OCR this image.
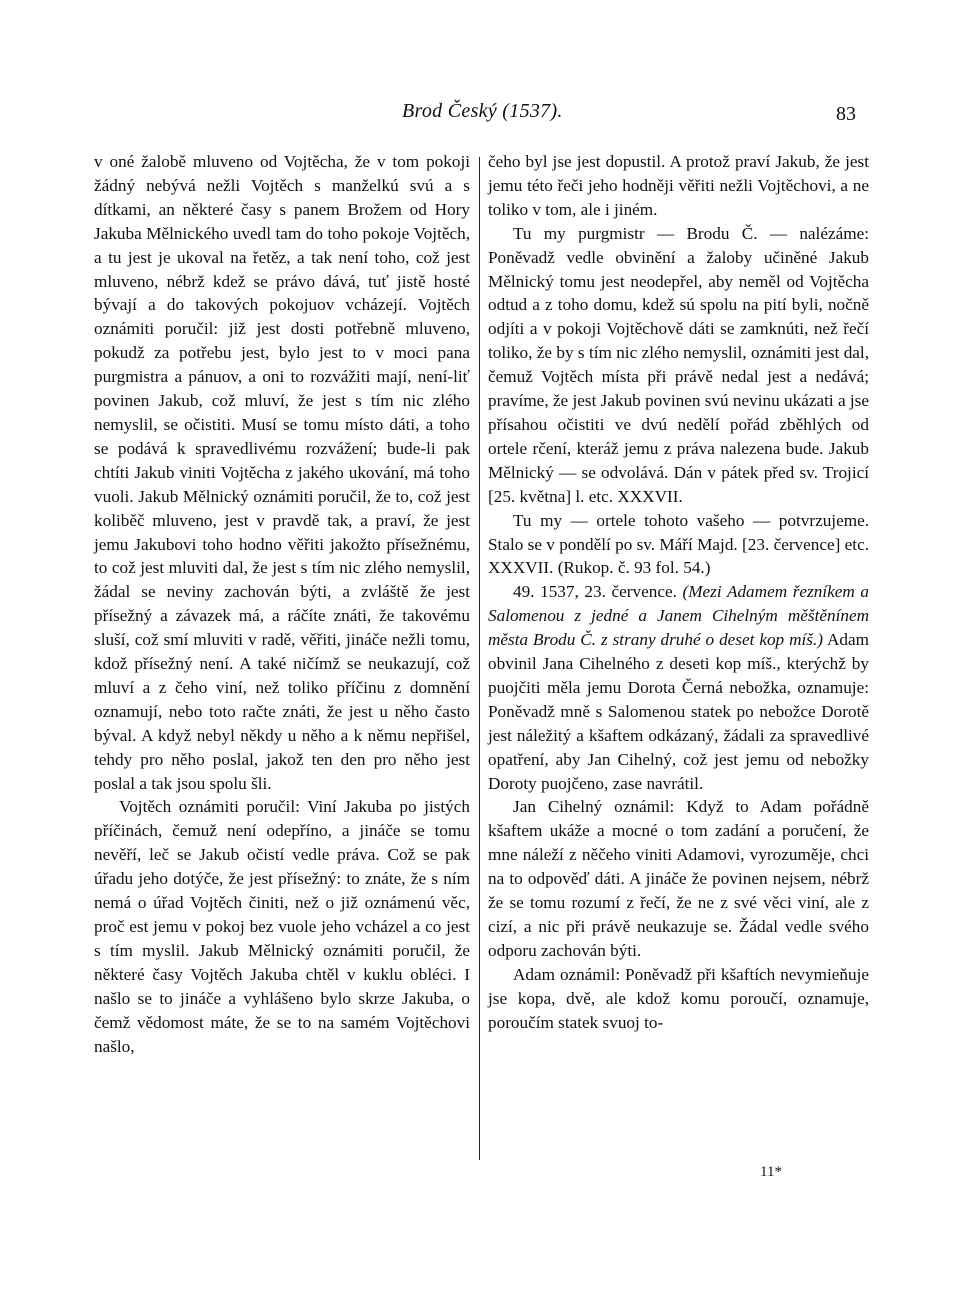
Brod Český (1537).	83

v oné žalobě mluveno od Vojtěcha, že v tom pokoji žádný nebývá nežli Vojtěch s manželkú svú a s dítkami, an některé časy s panem Brožem od Hory Jakuba Mělnického uvedl tam do toho pokoje Vojtěch, a tu jest je ukoval na řetěz, a tak není toho, což jest mluveno, nébrž kdež se právo dává, tuť jistě hosté bývají a do takových pokojuov vcházejí. Vojtěch oznámiti poručil: již jest dosti potřebně mluveno, pokudž za potřebu jest, bylo jest to v moci pana purgmistra a pánuov, a oni to rozvážiti mají, není-liť povinen Jakub, což mluví, že jest s tím nic zlého nemyslil, se očistiti. Musí se tomu místo dáti, a toho se podává k spravedlivému rozvážení; bude-li pak chtíti Jakub viniti Vojtěcha z jakého ukování, má toho vuoli. Jakub Mělnický oznámiti poručil, že to, což jest koliběč mluveno, jest v pravdě tak, a praví, že jest jemu Jakubovi toho hodno věřiti jakožto přísežnému, to což jest mluviti dal, že jest s tím nic zlého nemyslil, žádal se neviny zachován býti, a zvláště že jest přísežný a závazek má, a ráčíte znáti, že takovému sluší, což smí mluviti v radě, věřiti, jináče nežli tomu, kdož přísežný není. A také ničímž se neukazují, což mluví a z čeho viní, než toliko příčinu z domnění oznamují, nebo toto račte znáti, že jest u něho často býval. A když nebyl někdy u něho a k němu nepřišel, tehdy pro něho poslal, jakož ten den pro něho jest poslal a tak jsou spolu šli.

Vojtěch oznámiti poručil: Viní Jakuba po jistých příčinách, čemuž není odepříno, a jináče se tomu nevěří, leč se Jakub očistí vedle práva. Což se pak úřadu jeho dotýče, že jest přísežný: to znáte, že s ním nemá o úřad Vojtěch činiti, než o již oznámenú věc, proč est jemu v pokoj bez vuole jeho vcházel a co jest s tím myslil. Jakub Mělnický oznámiti poručil, že některé časy Vojtěch Jakuba chtěl v kuklu obléci. I našlo se to jináče a vyhlášeno bylo skrze Jakuba, o čemž vědomost máte, že se to na samém Vojtěchovi našlo,

čeho byl jse jest dopustil. A protož praví Jakub, že jest jemu této řeči jeho hodněji věřiti nežli Vojtěchovi, a ne toliko v tom, ale i jiném.

Tu my purgmistr — Brodu Č. — nalézáme: Poněvadž vedle obvinění a žaloby učiněné Jakub Mělnický tomu jest neodepřel, aby neměl od Vojtěcha odtud a z toho domu, kdež sú spolu na pití byli, nočně odjíti a v pokoji Vojtěchově dáti se zamknúti, než řečí toliko, že by s tím nic zlého nemyslil, oznámiti jest dal, čemuž Vojtěch místa při právě nedal jest a nedává; pravíme, že jest Jakub povinen svú nevinu ukázati a jse přísahou očistiti ve dvú nedělí pořád zběhlých od ortele rčení, kteráž jemu z práva nalezena bude. Jakub Mělnický — se odvolává. Dán v pátek před sv. Trojicí [25. května] l. etc. XXXVII.

Tu my — ortele tohoto vašeho — potvrzujeme. Stalo se v pondělí po sv. Máří Majd. [23. července] etc. XXXVII. (Rukop. č. 93 fol. 54.)

49. 1537, 23. července. (Mezi Adamem řezníkem a Salomenou z jedné a Janem Cihelným měštěnínem města Brodu Č. z strany druhé o deset kop míš.) Adam obvinil Jana Cihelného z deseti kop míš., kterýchž by puojčiti měla jemu Dorota Černá nebožka, oznamuje: Poněvadž mně s Salomenou statek po nebožce Dorotě jest náležitý a kšaftem odkázaný, žádali za spravedlivé opatření, aby Jan Cihelný, což jest jemu od nebožky Doroty puojčeno, zase navrátil.

Jan Cihelný oznámil: Když to Adam pořádně kšaftem ukáže a mocné o tom zadání a poručení, že mne náleží z něčeho viniti Adamovi, vyrozuměje, chci na to odpověď dáti. A jináče že povinen nejsem, nébrž že se tomu rozumí z řečí, že ne z své věci viní, ale z cizí, a nic při právě neukazuje se. Žádal vedle svého odporu zachován býti.

Adam oznámil: Poněvadž při kšaftích nevymieňuje jse kopa, dvě, ale kdož komu poroučí, oznamuje, poroučím statek svuoj to-

11*
